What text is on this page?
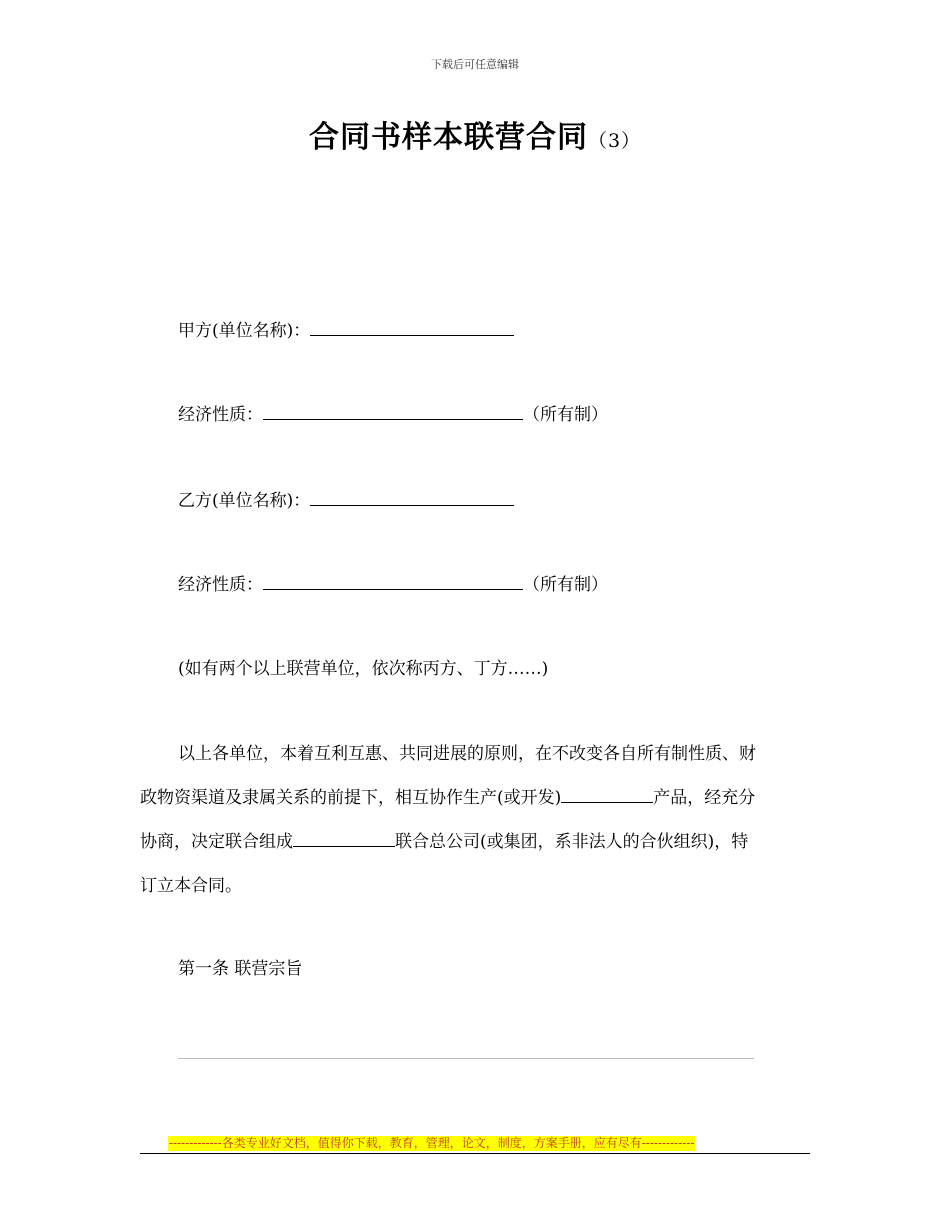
下载后可任意编辑
合同书样本联营合同（3）
甲方(单位名称)：
经济性质：	（所有制）
乙方(单位名称)：
经济性质：	（所有制）
(如有两个以上联营单位，依次称丙方、丁方……)
以上各单位，本着互利互惠、共同进展的原则，在不改变各自所有制性质、财
政物资渠道及隶属关系的前提下，相互协作生产(或开发)	产品，经充分
协商，决定联合组成	联合总公司(或集团，系非法人的合伙组织)，特
订立本合同。
第一条 联营宗旨
-------------各类专业好文档，值得你下载，教育，管理，论文，制度，方案手册，应有尽有-------------
